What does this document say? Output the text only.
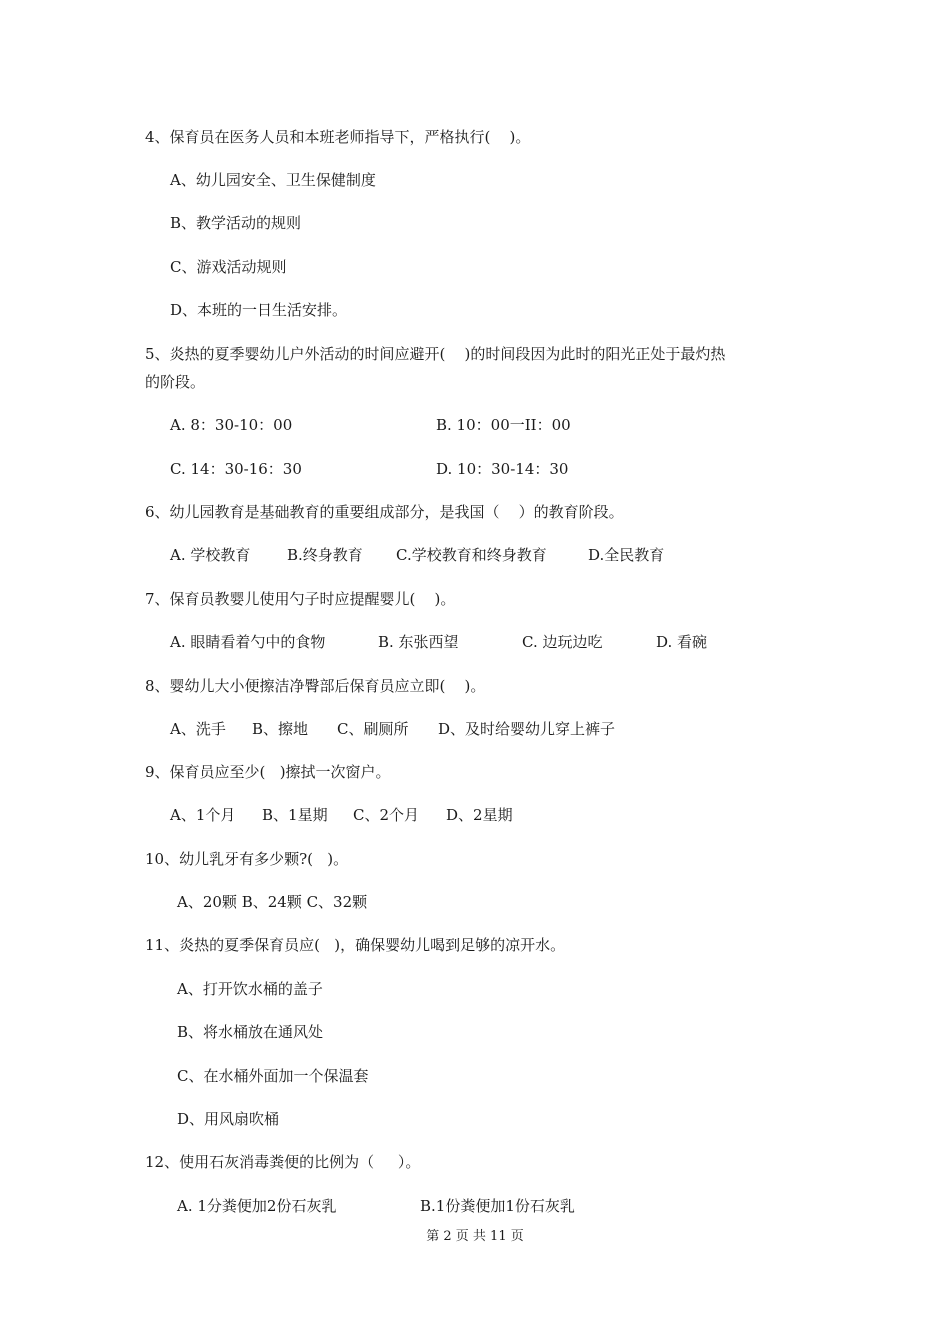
4、保育员在医务人员和本班老师指导下，严格执行(    )。
A、幼儿园安全、卫生保健制度
B、教学活动的规则
C、游戏活动规则
D、本班的一日生活安排。
5、炎热的夏季婴幼儿户外活动的时间应避开(    )的时间段因为此时的阳光正处于最灼热
的阶段。
A. 8：30-10：00	B. 10：00一II：00
C. 14：30-16：30	D. 10：30-14：30
6、幼儿园教育是基础教育的重要组成部分，是我国（    ）的教育阶段。
A. 学校教育 B.终身教育 C.学校教育和终身教育	D.全民教育
7、保育员教婴儿使用勺子时应提醒婴儿(    )。
A. 眼睛看着勺中的食物	B. 东张西望	C. 边玩边吃	D. 看碗
8、婴幼儿大小便擦洁净臀部后保育员应立即(    )。
A、洗手 B、擦地 C、刷厕所 D、及时给婴幼儿穿上裤子
9、保育员应至少(   )擦拭一次窗户。
A、1个月 B、1星期 C、2个月 D、2星期
10、幼儿乳牙有多少颗?(   )。
A、20颗 B、24颗 C、32颗
11、炎热的夏季保育员应(   )，确保婴幼儿喝到足够的凉开水。
A、打开饮水桶的盖子
B、将水桶放在通风处
C、在水桶外面加一个保温套
D、用风扇吹桶
12、使用石灰消毒粪便的比例为（     ）。
A. 1分粪便加2份石灰乳	B.1份粪便加1份石灰乳
第 2 页 共 11 页
